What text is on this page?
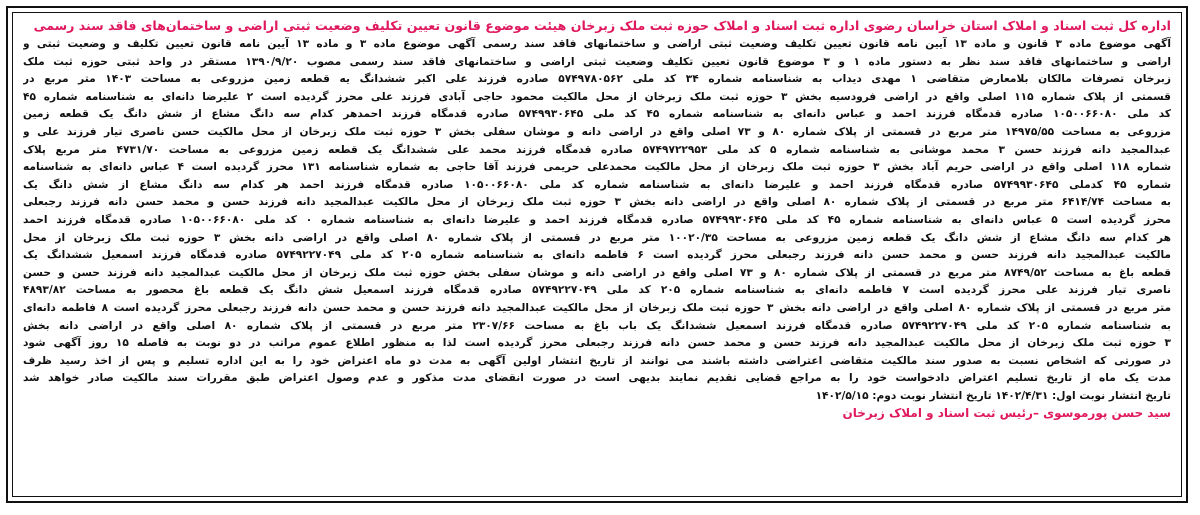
اداره کل ثبت اسناد و املاک استان خراسان رضوی اداره ثبت اسناد و املاک حوزه ثبت ملک زبرخان هیئت موضوع قانون تعیین تکلیف وضعیت ثبتی اراضی و ساختمان‌های فاقد سند رسمی
آگهی موضوع ماده ۳ قانون و ماده ۱۳ آیین نامه قانون تعیین تکلیف وضعیت ثبتی اراضی و ساختمانهای فاقد سند رسمی آگهی موضوع ماده ۳ و ماده ۱۳ آیین نامه قانون تعیین تکلیف و وضعیت ثبتی و
اراضی و ساختمانهای فاقد سند نظر به دستور ماده ۱ و ۳ موضوع قانون تعیین تکلیف وضعیت ثبتی اراضی و ساختمانهای فاقد سند رسمی مصوب ۱۳۹۰/۹/۲۰ مستقر در واحد ثبتی حوزه ثبت ملک
زبرخان تصرفات مالکان بلامعارض متقاضی ۱ مهدی دیداب به شناسنامه شماره ۳۴ کد ملی ۵۷۴۹۷۸۰۵۶۲ صادره فرزند علی اکبر ششدانگ یه قطعه زمین مزروعی به مساحت ۱۴۰۳ متر مربع در
قسمتی از پلاک شماره ۱۱۵ اصلی واقع در اراضی فرودسیه بخش ۳ حوزه ثبت ملک زبرخان از محل مالکیت محمود حاجی آبادی فرزند علی محرز گردیده است ۲ علیرضا دانه‌ای به شناسنامه شماره ۴۵
کد ملی ۱۰۵۰۰۶۶۰۸۰ صادره قدمگاه فرزند احمد و عباس دانه‌ای به شناسنامه شماره ۴۵ کد ملی ۵۷۴۹۹۳۰۶۴۵ صادره قدمگاه فرزند احمدهر کدام سه دانگ مشاع از شش دانگ یک قطعه زمین
مزروعی به مساحت ۱۴۹۷۵/۵۵ متر مربع در قسمتی از پلاک شماره ۸۰ و ۷۳ اصلی واقع در اراضی دانه و موشان سفلی بخش ۳ حوزه ثبت ملک زبرخان از محل مالکیت حسن ناصری تیار فرزند علی و
عبدالمجید دانه فرزند حسن ۳ محمد موشانی به شناسنامه شماره ۵ کد ملی ۵۷۴۹۷۲۲۹۵۳ صادره قدمگاه فرزند محمد علی ششدانگ یک قطعه زمین مزروعی به مساحت ۴۷۳۱/۷۰ متر مربع پلاک
شماره ۱۱۸ اصلی واقع در اراضی حریم آباد بخش ۳ حوزه ثبت ملک زبرخان از محل مالکیت محمدعلی حریمی فرزند آقا حاجی به شماره شناسنامه ۱۳۱ محرز گردیده است ۴ عباس دانه‌ای به شناسنامه
شماره ۴۵ کدملی ۵۷۴۹۹۳۰۶۴۵ صادره قدمگاه فرزند احمد و علیرضا دانه‌ای به شناسنامه شماره کد ملی ۱۰۵۰۰۶۶۰۸۰ صادره قدمگاه فرزند احمد هر کدام سه دانگ مشاع از شش دانگ یک
به مساحت ۶۴۱۴/۷۴ متر مربع در قسمتی از پلاک شماره ۸۰ اصلی واقع در اراضی دانه بخش ۳ حوزه ثبت ملک زبرخان از محل مالکیت عبدالمجید دانه فرزند حسن و محمد حسن دانه فرزند رجبعلی
محرز گردیده است ۵ عباس دانه‌ای به شناسنامه شماره ۴۵ کد ملی ۵۷۴۹۹۳۰۶۴۵ صادره قدمگاه فرزند احمد و علیرضا دانه‌ای به شناسنامه شماره ۰ کد ملی ۱۰۵۰۰۶۶۰۸۰ صادره قدمگاه فرزند احمد
هر کدام سه دانگ مشاع از شش دانگ یک قطعه زمین مزروعی به مساحت ۱۰۰۲۰/۳۵ متر مربع در قسمتی از پلاک شماره ۸۰ اصلی واقع در اراضی دانه بخش ۳ حوزه ثبت ملک زبرخان از محل
مالکیت عبدالمجید دانه فرزند حسن و محمد حسن دانه فرزند رجبعلی محرز گردیده است ۶ فاطمه دانه‌ای به شناسنامه شماره ۲۰۵ کد ملی ۵۷۴۹۲۲۷۰۴۹ صادره قدمگاه فرزند اسمعیل ششدانگ یک
قطعه باغ به مساحت ۸۷۴۹/۵۲ متر مربع در قسمتی از پلاک شماره ۸۰ و ۷۳ اصلی واقع در اراضی دانه و موشان سفلی بخش حوزه ثبت ملک زبرخان از محل مالکیت عبدالمجید دانه فرزند حسن و حسن
ناصری تیار فرزند علی محرز گردیده است ۷ فاطمه دانه‌ای به شناسنامه شماره ۲۰۵ کد ملی ۵۷۴۹۲۲۷۰۴۹ صادره قدمگاه فرزند اسمعیل شش دانگ یک قطعه باغ محصور به مساحت ۴۸۹۳/۸۲
متر مربع در قسمتی از پلاک شماره ۸۰ اصلی واقع در اراضی دانه بخش ۳ حوزه ثبت ملک زبرخان از محل مالکیت عبدالمجید دانه فرزند حسن و محمد حسن دانه فرزند رجبعلی محرز گردیده است ۸ فاطمه دانه‌ای
به شناسنامه شماره ۲۰۵ کد ملی ۵۷۴۹۲۲۷۰۴۹ صادره قدمگاه فرزند اسمعیل ششدانگ یک باب باغ به مساحت ۲۳۰۷/۶۶ متر مربع در قسمتی از پلاک شماره ۸۰ اصلی واقع در اراضی دانه بخش
۳ حوزه ثبت ملک زبرخان از محل مالکیت عبدالمجید دانه فرزند حسن و محمد حسن دانه فرزند رجبعلی محرز گردیده است لذا به منظور اطلاع عموم مراتب در دو نوبت به فاصله ۱۵ روز آگهی شود
در صورتی که اشخاص نسبت به صدور سند مالکیت متقاضی اعتراضی داشته باشند می توانند از تاریخ انتشار اولین آگهی به مدت دو ماه اعتراض خود را به این اداره تسلیم و پس از اخذ رسید ظرف
مدت یک ماه از تاریخ تسلیم اعتراض دادخواست خود را به مراجع قضایی تقدیم نمایند بدیهی است در صورت انقضای مدت مذکور و عدم وصول اعتراض طبق مقررات سند مالکیت صادر خواهد شد
تاریخ انتشار نوبت اول: ۱۴۰۲/۴/۳۱ تاریخ انتشار نوبت دوم: ۱۴۰۲/۵/۱۵
سید حسن پورموسوی –رئیس ثبت اسناد و املاک زبرخان
